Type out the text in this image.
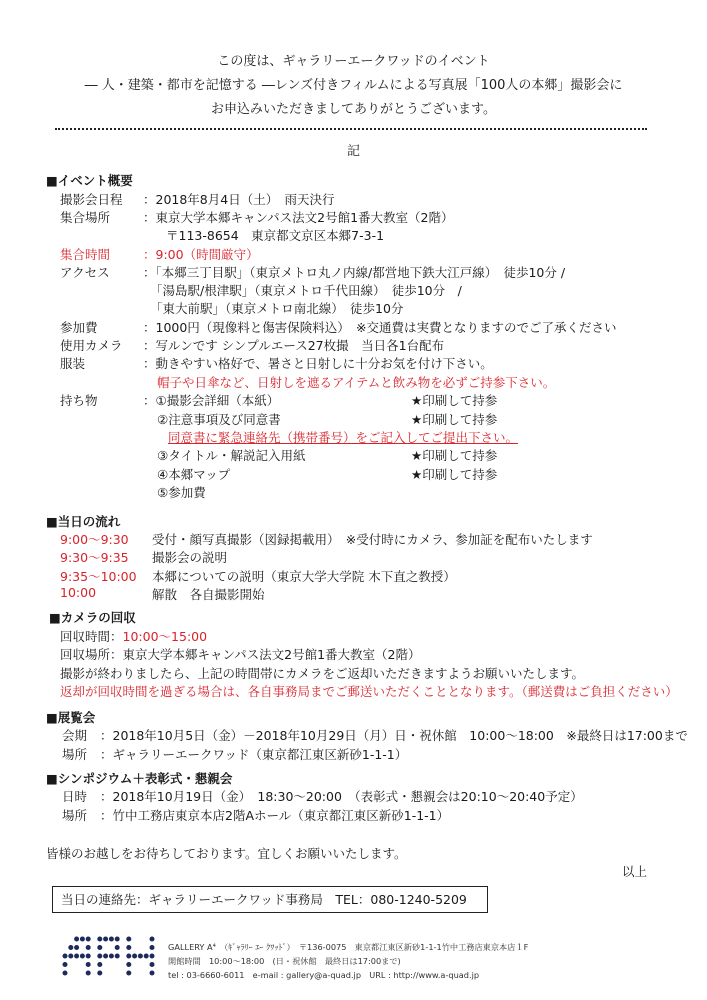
この度は、ギャラリーエークワッドのイベント
― 人・建築・都市を記憶する ―レンズ付きフィルムによる写真展「100人の本郷」撮影会に
お申込みいただきましてありがとうございます。
記
■イベント概要
撮影会日程 ：2018年8月4日（土）　雨天決行
集合場所	：東京大学本郷キャンパス法文2号館1番大教室（2階）
〒113-8654　東京都文京区本郷7-3-1
集合時間	：9:00（時間厳守）
アクセス	：「本郷三丁目駅」（東京メトロ丸ノ内線/都営地下鉄大江戸線）　徒歩10分 /
「湯島駅/根津駅」（東京メトロ千代田線）　徒歩10分　/
「東大前駅」（東京メトロ南北線）　徒歩10分
参加費	：1000円（現像料と傷害保険料込）　※交通費は実費となりますのでご了承ください
使用カメラ ：写ルンです シンプルエース27枚撮　当日各1台配布
服装	：動きやすい格好で、暑さと日射しに十分お気を付け下さい。
帽子や日傘など、日射しを遮るアイテムと飲み物を必ずご持参下さい。
持ち物	：①撮影会詳細（本紙）	★印刷して持参
②注意事項及び同意書	★印刷して持参
同意書に緊急連絡先（携帯番号）をご記入してご提出下さい。
③タイトル・解説記入用紙	★印刷して持参
④本郷マップ	★印刷して持参
⑤参加費
■当日の流れ
9:00〜9:30 受付・顔写真撮影（図録掲載用）　※受付時にカメラ、参加証を配布いたします
9:30〜9:35 撮影会の説明
9:35〜10:00 本郷についての説明（東京大学大学院 木下直之教授）
10:00	解散　各自撮影開始
■カメラの回収
回収時間：10:00〜15:00
回収場所：東京大学本郷キャンパス法文2号館1番大教室（2階）
撮影が終わりましたら、上記の時間帯にカメラをご返却いただきますようお願いいたします。
返却が回収時間を過ぎる場合は、各自事務局までご郵送いただくこととなります。（郵送費はご負担ください）
■展覧会
会期 ：2018年10月5日（金）－2018年10月29日（月）日・祝休館　10:00〜18:00　※最終日は17:00まで
場所 ：ギャラリーエークワッド（東京都江東区新砂1-1-1）
■シンポジウム＋表彰式・懇親会
日時 ：2018年10月19日（金）　18:30〜20:00　（表彰式・懇親会は20:10〜20:40予定）
場所 ：竹中工務店東京本店2階Aホール（東京都江東区新砂1-1-1）
皆様のお越しをお待ちしております。宜しくお願いいたします。
以上
当日の連絡先：ギャラリーエークワッド事務局　TEL：080-1240-5209
GALLERY A⁴　（ｷﾞｬﾗﾘｰ ｴｰ ｸﾜｯﾄﾞ）　〒136-0075　東京都江東区新砂1-1-1竹中工務店東京本店１F
開館時間　10:00〜18:00　(日・祝休館　最終日は17:00まで)
tel : 03-6660-6011　e-mail : gallery@a-quad.jp　URL : http://www.a-quad.jp
